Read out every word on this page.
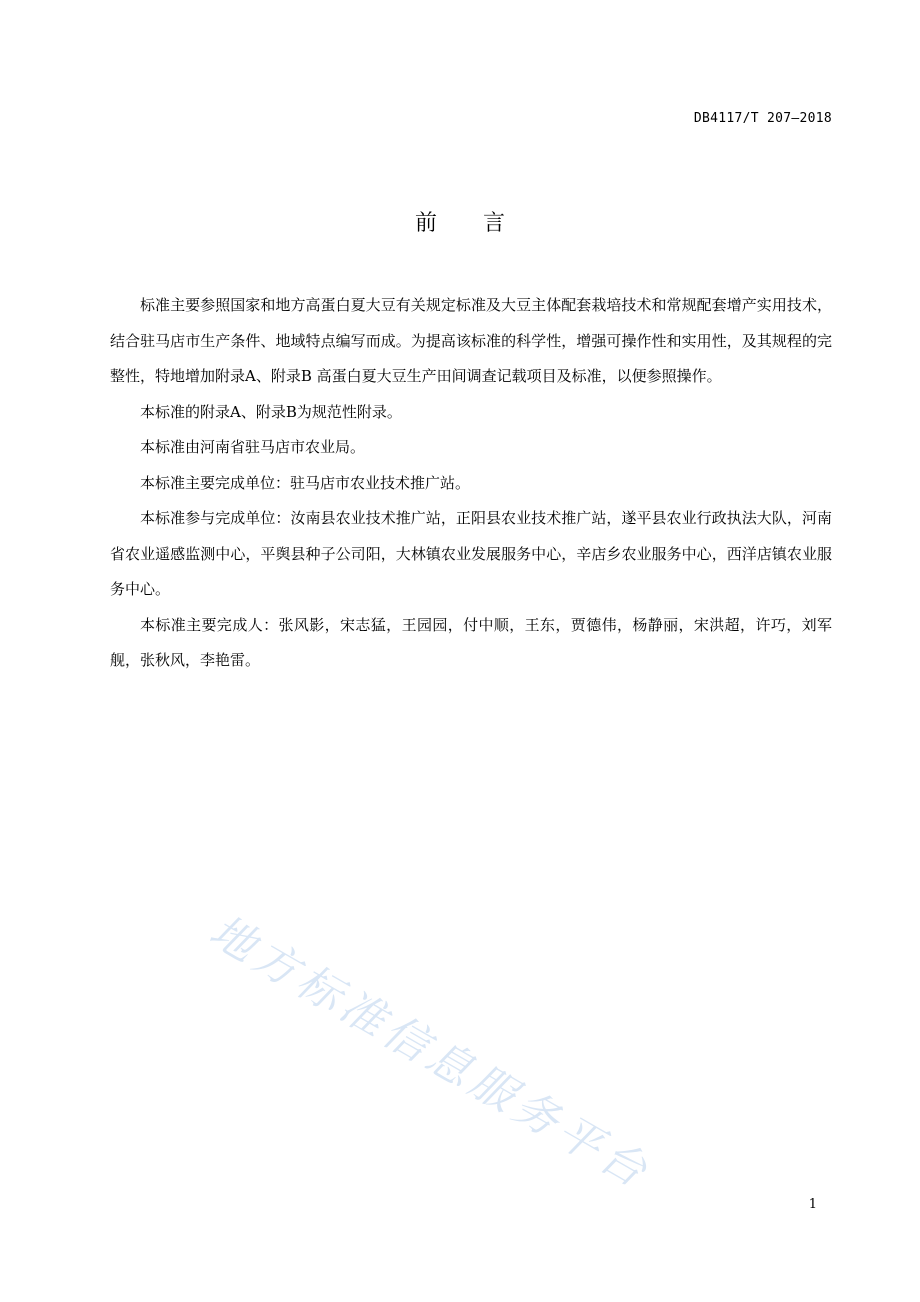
DB4117/T 207—2018
前 言

标准主要参照国家和地方高蛋白夏大豆有关规定标准及大豆主体配套栽培技术和常规配套增产实用技术，结合驻马店市生产条件、地域特点编写而成。为提高该标准的科学性，增强可操作性和实用性，及其规程的完整性，特地增加附录A、附录B 高蛋白夏大豆生产田间调查记载项目及标准，以便参照操作。

本标准的附录A、附录B为规范性附录。

本标准由河南省驻马店市农业局。

本标准主要完成单位：驻马店市农业技术推广站。

本标准参与完成单位：汝南县农业技术推广站，正阳县农业技术推广站，遂平县农业行政执法大队，河南省农业遥感监测中心，平舆县种子公司阳，大林镇农业发展服务中心，辛店乡农业服务中心，西洋店镇农业服务中心。

本标准主要完成人：张风影，宋志猛，王园园，付中顺，王东，贾德伟，杨静丽，宋洪超，许巧，刘军舰，张秋风，李艳雷。

地方标准信息服务平台
1
